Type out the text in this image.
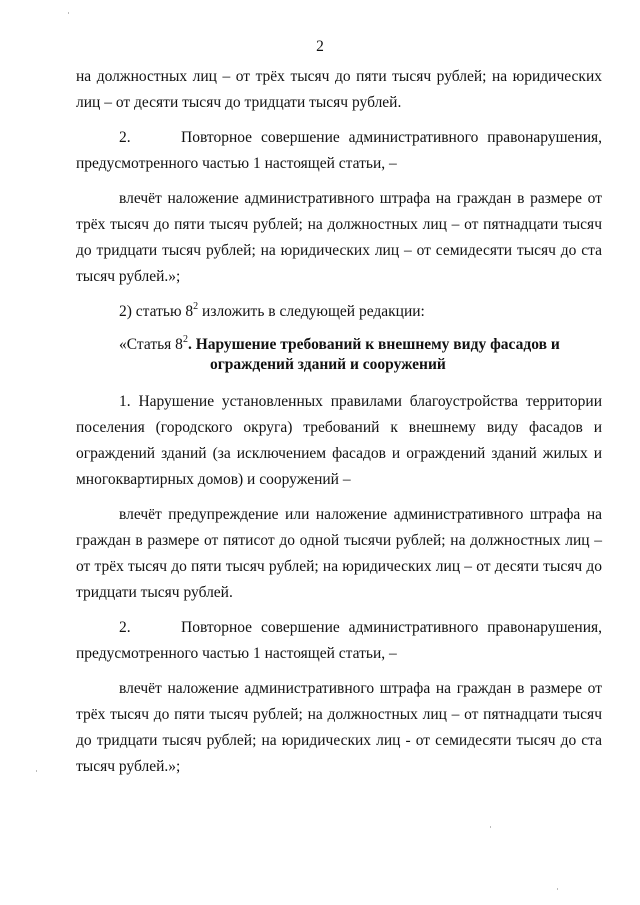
2

на должностных лиц – от трёх тысяч до пяти тысяч рублей; на юридических лиц – от десяти тысяч до тридцати тысяч рублей.

2.	Повторное совершение административного правонарушения, предусмотренного частью 1 настоящей статьи, –

влечёт наложение административного штрафа на граждан в размере от трёх тысяч до пяти тысяч рублей; на должностных лиц – от пятнадцати тысяч до тридцати тысяч рублей; на юридических лиц – от семидесяти тысяч до ста тысяч рублей.»;

2) статью $8^2$ изложить в следующей редакции:

«Статья $8^2$. Нарушение требований к внешнему виду фасадов и
ограждений зданий и сооружений

1. Нарушение установленных правилами благоустройства территории поселения (городского округа) требований к внешнему виду фасадов и ограждений зданий (за исключением фасадов и ограждений зданий жилых и многоквартирных домов) и сооружений –

влечёт предупреждение или наложение административного штрафа на граждан в размере от пятисот до одной тысячи рублей; на должностных лиц – от трёх тысяч до пяти тысяч рублей; на юридических лиц – от десяти тысяч до тридцати тысяч рублей.

2.	Повторное совершение административного правонарушения, предусмотренного частью 1 настоящей статьи, –

влечёт наложение административного штрафа на граждан в размере от трёх тысяч до пяти тысяч рублей; на должностных лиц – от пятнадцати тысяч до тридцати тысяч рублей; на юридических лиц - от семидесяти тысяч до ста тысяч рублей.»;
